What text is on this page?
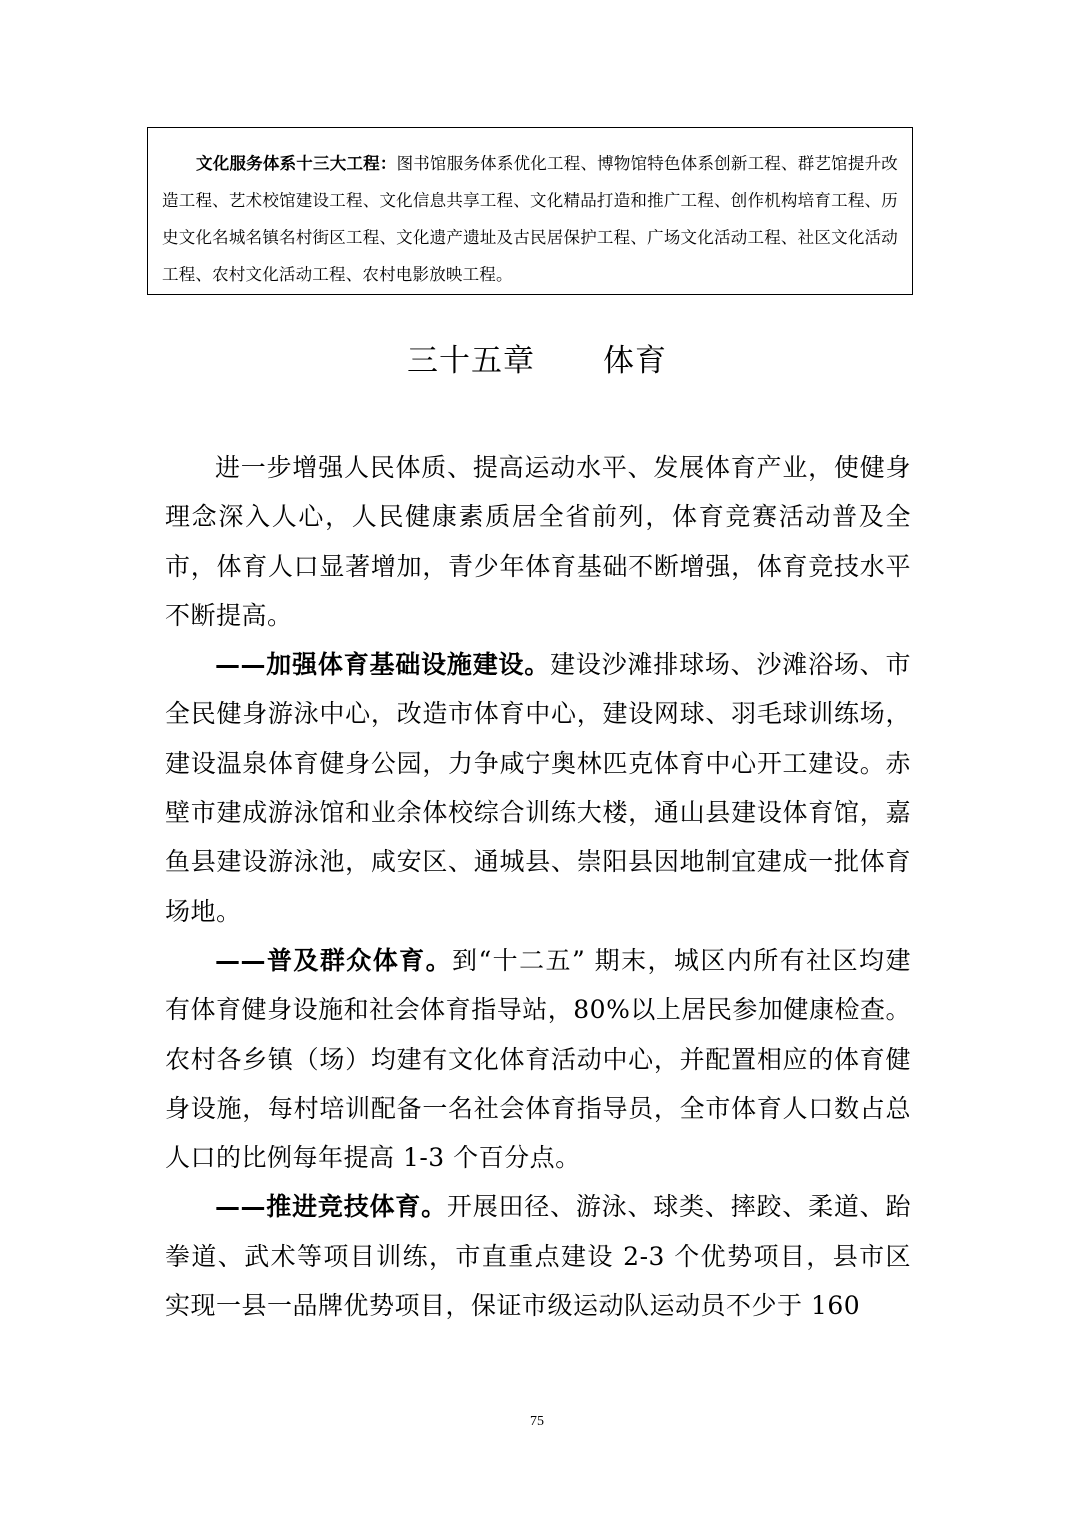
文化服务体系十三大工程：图书馆服务体系优化工程、博物馆特色体系创新工程、群艺馆提升改造工程、艺术校馆建设工程、文化信息共享工程、文化精品打造和推广工程、创作机构培育工程、历史文化名城名镇名村街区工程、文化遗产遗址及古民居保护工程、广场文化活动工程、社区文化活动工程、农村文化活动工程、农村电影放映工程。
三十五章 体育

进一步增强人民体质、提高运动水平、发展体育产业，使健身理念深入人心，人民健康素质居全省前列，体育竞赛活动普及全市，体育人口显著增加，青少年体育基础不断增强，体育竞技水平不断提高。

——加强体育基础设施建设。建设沙滩排球场、沙滩浴场、市全民健身游泳中心，改造市体育中心，建设网球、羽毛球训练场，建设温泉体育健身公园，力争咸宁奥林匹克体育中心开工建设。赤壁市建成游泳馆和业余体校综合训练大楼，通山县建设体育馆，嘉鱼县建设游泳池，咸安区、通城县、崇阳县因地制宜建成一批体育场地。

——普及群众体育。到“十二五” 期末，城区内所有社区均建有体育健身设施和社会体育指导站，80%以上居民参加健康检查。农村各乡镇（场）均建有文化体育活动中心，并配置相应的体育健身设施，每村培训配备一名社会体育指导员，全市体育人口数占总人口的比例每年提高 1-3 个百分点。

——推进竞技体育。开展田径、游泳、球类、摔跤、柔道、跆拳道、武术等项目训练，市直重点建设 2-3 个优势项目，县市区实现一县一品牌优势项目，保证市级运动队运动员不少于 160

75
